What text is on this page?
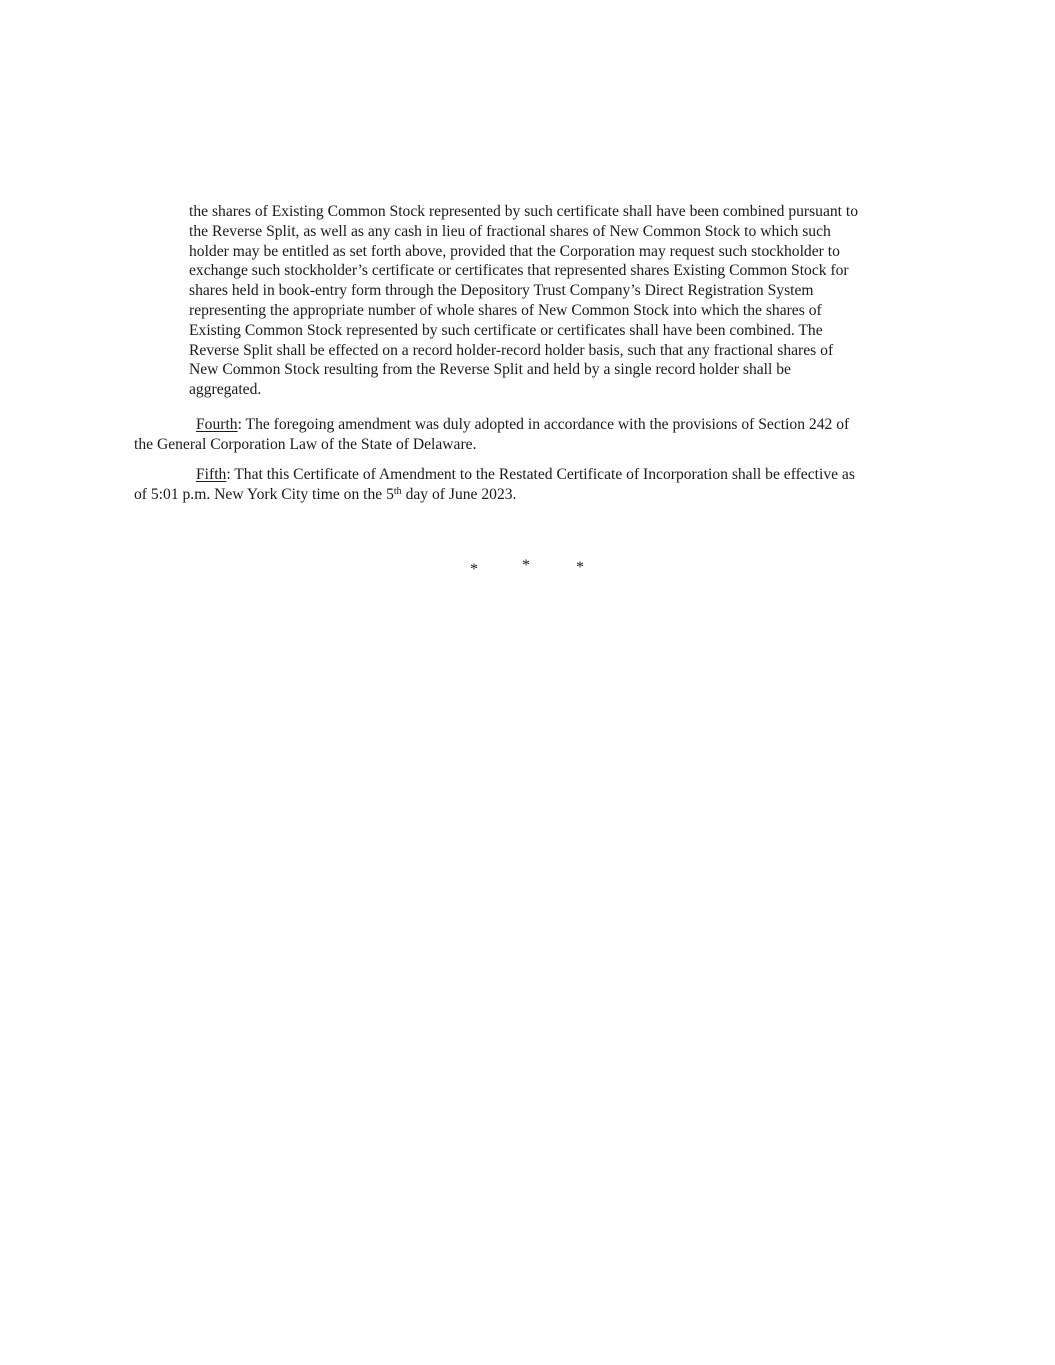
the shares of Existing Common Stock represented by such certificate shall have been combined pursuant to
the Reverse Split, as well as any cash in lieu of fractional shares of New Common Stock to which such
holder may be entitled as set forth above, provided that the Corporation may request such stockholder to
exchange such stockholder’s certificate or certificates that represented shares Existing Common Stock for
shares held in book-entry form through the Depository Trust Company’s Direct Registration System
representing the appropriate number of whole shares of New Common Stock into which the shares of
Existing Common Stock represented by such certificate or certificates shall have been combined. The
Reverse Split shall be effected on a record holder-record holder basis, such that any fractional shares of
New Common Stock resulting from the Reverse Split and held by a single record holder shall be
aggregated.
Fourth: The foregoing amendment was duly adopted in accordance with the provisions of Section 242 of
the General Corporation Law of the State of Delaware.
Fifth: That this Certificate of Amendment to the Restated Certificate of Incorporation shall be effective as
of 5:01 p.m. New York City time on the 5th day of June 2023.
*	*	*
